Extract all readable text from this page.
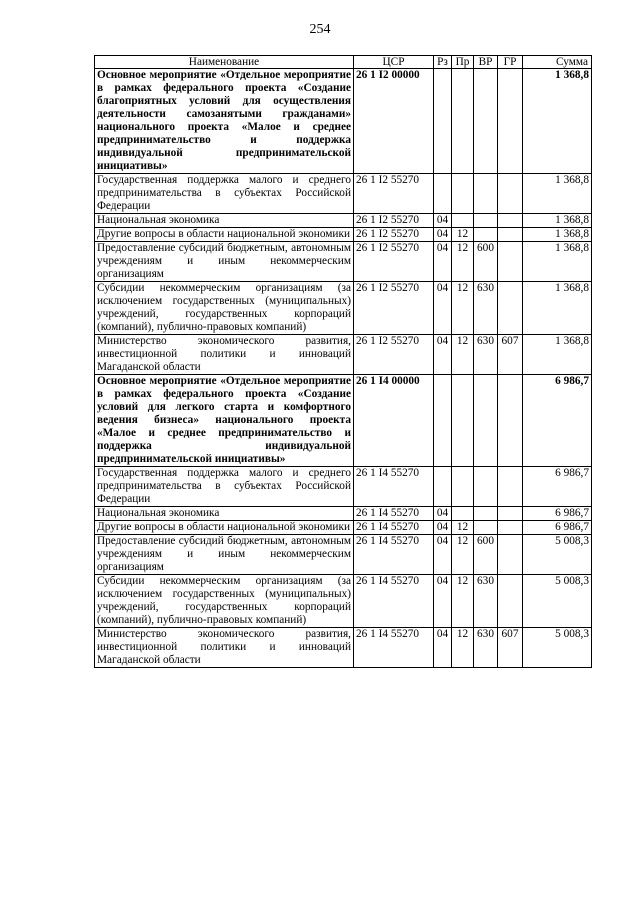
254
Наименование	ЦСР	Рз	Пр	ВР	ГР	Сумма
Основное мероприятие «Отдельное мероприятие в рамках федерального проекта «Создание благоприятных условий для осуществления деятельности самозанятыми гражданами» национального проекта «Малое и среднее предпринимательство и поддержка индивидуальной предпринимательской инициативы»	26 1 I2 00000					1 368,8
Государственная поддержка малого и среднего предпринимательства в субъектах Российской Федерации	26 1 I2 55270					1 368,8
Национальная экономика	26 1 I2 55270	04				1 368,8
Другие вопросы в области национальной экономики	26 1 I2 55270	04	12			1 368,8
Предоставление субсидий бюджетным, автономным учреждениям и иным некоммерческим организациям	26 1 I2 55270	04	12	600		1 368,8
Субсидии некоммерческим организациям (за исключением государственных (муниципальных) учреждений, государственных корпораций (компаний), публично-правовых компаний)	26 1 I2 55270	04	12	630		1 368,8
Министерство экономического развития, инвестиционной политики и инноваций Магаданской области	26 1 I2 55270	04	12	630	607	1 368,8
Основное мероприятие «Отдельное мероприятие в рамках федерального проекта «Создание условий для легкого старта и комфортного ведения бизнеса» национального проекта «Малое и среднее предпринимательство и поддержка индивидуальной предпринимательской инициативы»	26 1 I4 00000					6 986,7
Государственная поддержка малого и среднего предпринимательства в субъектах Российской Федерации	26 1 I4 55270					6 986,7
Национальная экономика	26 1 I4 55270	04				6 986,7
Другие вопросы в области национальной экономики	26 1 I4 55270	04	12			6 986,7
Предоставление субсидий бюджетным, автономным учреждениям и иным некоммерческим организациям	26 1 I4 55270	04	12	600		5 008,3
Субсидии некоммерческим организациям (за исключением государственных (муниципальных) учреждений, государственных корпораций (компаний), публично-правовых компаний)	26 1 I4 55270	04	12	630		5 008,3
Министерство экономического развития, инвестиционной политики и инноваций Магаданской области	26 1 I4 55270	04	12	630	607	5 008,3
